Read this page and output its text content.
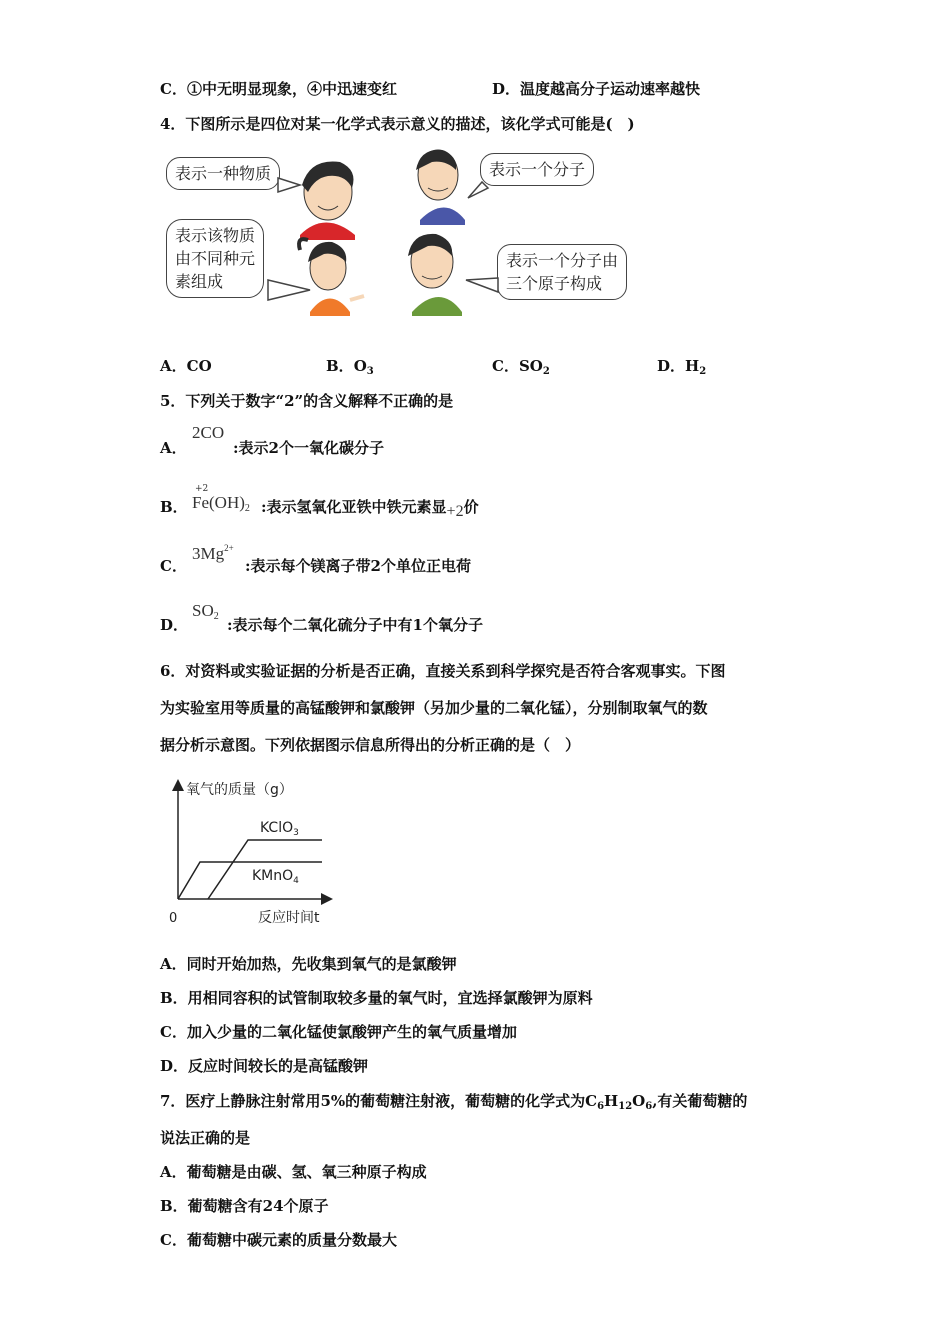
C．①中无明显现象，④中迅速变红	D．温度越高分子运动速率越快
4．下图所示是四位对某一化学式表示意义的描述，该化学式可能是(　)
表示一种物质	表示一个分子
表示该物质
由不同种元
素组成
表示一个分子由
三个原子构成
A．CO	B．$O_3$	C．$SO_2$	D．$H_2$
5．下列关于数字“2”的含义解释不正确的是
A．
2CO
:表示2个一氧化碳分子
B．
+2
$Fe(OH)_2$ :表示氢氧化亚铁中铁元素显+2价
C．
$3Mg^{2+}$
:表示每个镁离子带2个单位正电荷
D．
$SO_2$ :表示每个二氧化硫分子中有1个氧分子
6．对资料或实验证据的分析是否正确，直接关系到科学探究是否符合客观事实。下图
为实验室用等质量的高锰酸钾和氯酸钾（另加少量的二氧化锰），分别制取氧气的数
据分析示意图。下列依据图示信息所得出的分析正确的是（　）
氧气的质量（g）
反应时间t
0
KClO$_3$
KMnO$_4$
A．同时开始加热，先收集到氧气的是氯酸钾
B．用相同容积的试管制取较多量的氧气时，宜选择氯酸钾为原料
C．加入少量的二氧化锰使氯酸钾产生的氧气质量增加
D．反应时间较长的是高锰酸钾
7．医疗上静脉注射常用5%的葡萄糖注射液，葡萄糖的化学式为$C_6H_{12}O_6$,有关葡萄糖的
说法正确的是
A．葡萄糖是由碳、氢、氧三种原子构成
B．葡萄糖含有24个原子
C．葡萄糖中碳元素的质量分数最大
